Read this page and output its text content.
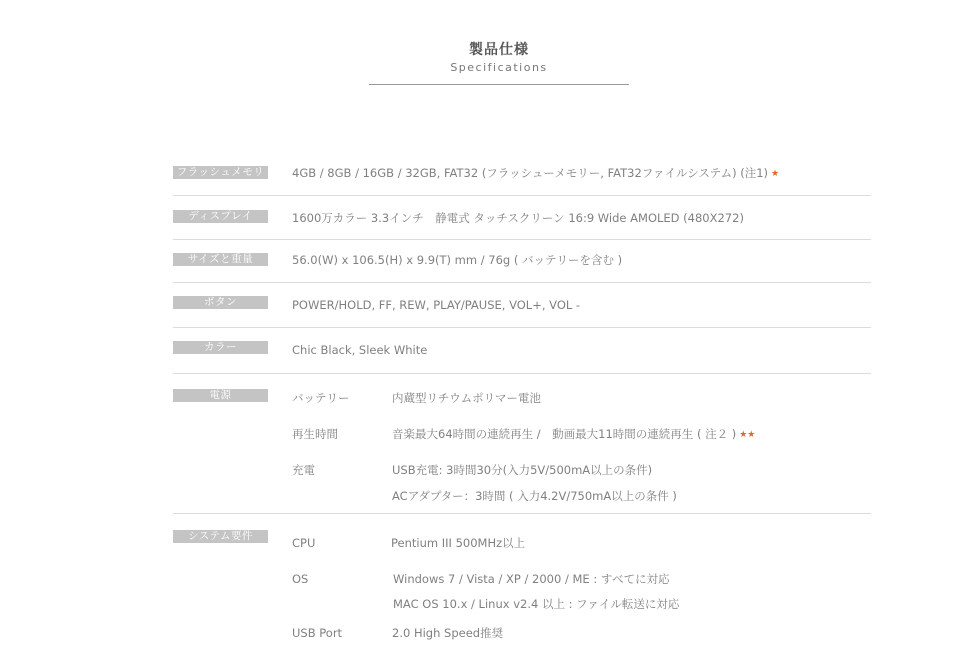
製品仕様
Specifications
フラッシュメモリ	4GB / 8GB / 16GB / 32GB, FAT32 (フラッシューメモリー, FAT32ファイルシステム) (注1) ★
ディスプレイ	1600万カラー 3.3インチ　静電式 タッチスクリーン 16:9 Wide AMOLED (480X272)
サイズと重量	56.0(W) x 106.5(H) x 9.9(T) mm / 76g ( バッテリーを含む )
ボタン	POWER/HOLD, FF, REW, PLAY/PAUSE, VOL+, VOL -
カラー	Chic Black, Sleek White
電源	バッテリー	内蔵型リチウムポリマー電池
再生時間	音楽最大64時間の連続再生 /　動画最大11時間の連続再生 ( 注２ ) ★★
充電	USB充電: 3時間30分(入力5V/500mA以上の条件)
ACアダプター：3時間 ( 入力4.2V/750mA以上の条件 )
システム要件	CPU	Pentium III 500MHz以上
OS	Windows 7 / Vista / XP / 2000 / ME : すべてに対応
MAC OS 10.x / Linux v2.4 以上 : ファイル転送に対応
USB Port	2.0 High Speed推奨
